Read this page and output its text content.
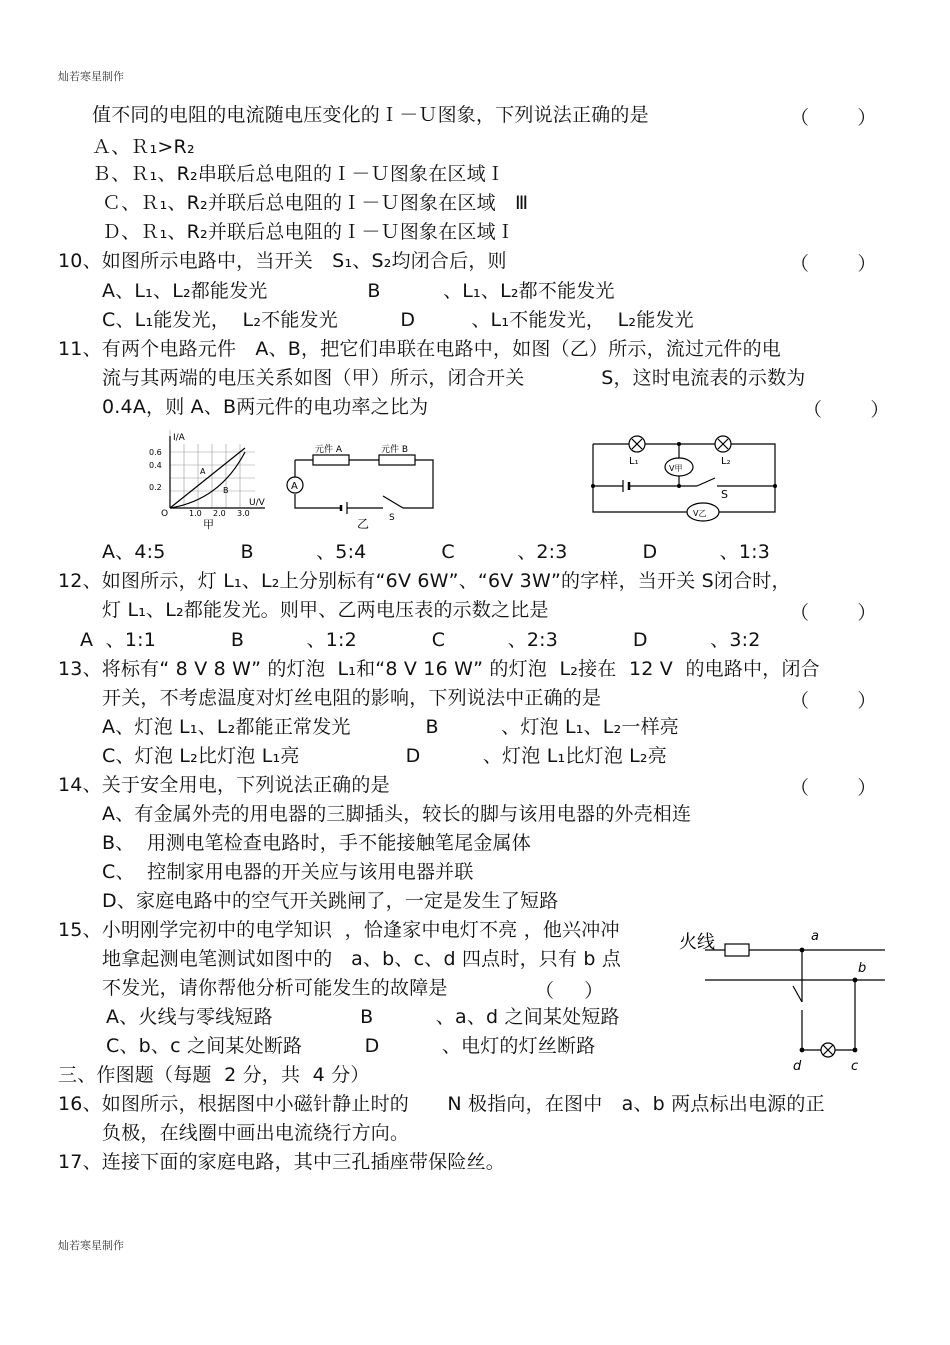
灿若寒星制作
值不同的电阻的电流随电压变化的Ｉ－Ｕ图象，下列说法正确的是	（        ）
Ａ、Ｒ₁>R₂
Ｂ、Ｒ₁、R₂串联后总电阻的Ｉ－Ｕ图象在区域Ｉ
Ｃ、Ｒ₁、R₂并联后总电阻的Ｉ－Ｕ图象在区域　Ⅲ
Ｄ、Ｒ₁、R₂并联后总电阻的Ｉ－Ｕ图象在区域Ｉ
10、如图所示电路中，当开关　S₁、S₂均闭合后，则	（        ）
A、L₁、L₂都能发光                B          、L₁、L₂都不能发光
C、L₁能发光，  L₂不能发光          D         、L₁不能发光，  L₂能发光
11、有两个电路元件　A、B，把它们串联在电路中，如图（乙）所示，流过元件的电
流与其两端的电压关系如图（甲）所示，闭合开关　　　　S，这时电流表的示数为
0.4A，则 A、B两元件的电功率之比为	（        ）
I/A
U/V
0.6
0.4
0.2
O	1.0 2.0 3.0
A
B
甲
元件 A	元件 B
A
S
乙
L₁	L₂
V甲
V乙
S
A、4:5            B          、5:4            C          、2:3            D          、1:3
12、如图所示，灯 L₁、L₂上分别标有“6V 6W”、“6V 3W”的字样，当开关 S闭合时，
灯 L₁、L₂都能发光。则甲、乙两电压表的示数之比是	（        ）
A  、1:1            B          、1:2            C          、2:3            D          、3:2
13、将标有“ 8 V 8 W” 的灯泡  L₁和“8 V 16 W” 的灯泡  L₂接在  12 V  的电路中，闭合
开关，不考虑温度对灯丝电阻的影响，下列说法中正确的是	（        ）
A、灯泡 L₁、L₂都能正常发光            B          、灯泡 L₁、L₂一样亮
C、灯泡 L₂比灯泡 L₁亮                 D          、灯泡 L₁比灯泡 L₂亮
14、关于安全用电，下列说法正确的是	（        ）
A、有金属外壳的用电器的三脚插头，较长的脚与该用电器的外壳相连
B、  用测电笔检查电路时，手不能接触笔尾金属体
C、  控制家用电器的开关应与该用电器并联
D、家庭电路中的空气开关跳闸了，一定是发生了短路
15、小明刚学完初中的电学知识  ，恰逢家中电灯不亮 ，他兴冲冲
地拿起测电笔测试如图中的   a、b、c、d 四点时，只有 b 点
不发光，请你帮他分析可能发生的故障是	（     ）
A、火线与零线短路              B          、a、d 之间某处短路
C、b、c 之间某处断路          D          、电灯的灯丝断路
火线	a
b
c
d
三、作图题（每题  2 分，共  4 分）
16、如图所示，根据图中小磁针静止时的　　N 极指向，在图中　a、b 两点标出电源的正
负极，在线圈中画出电流绕行方向。
17、连接下面的家庭电路，其中三孔插座带保险丝。
灿若寒星制作
